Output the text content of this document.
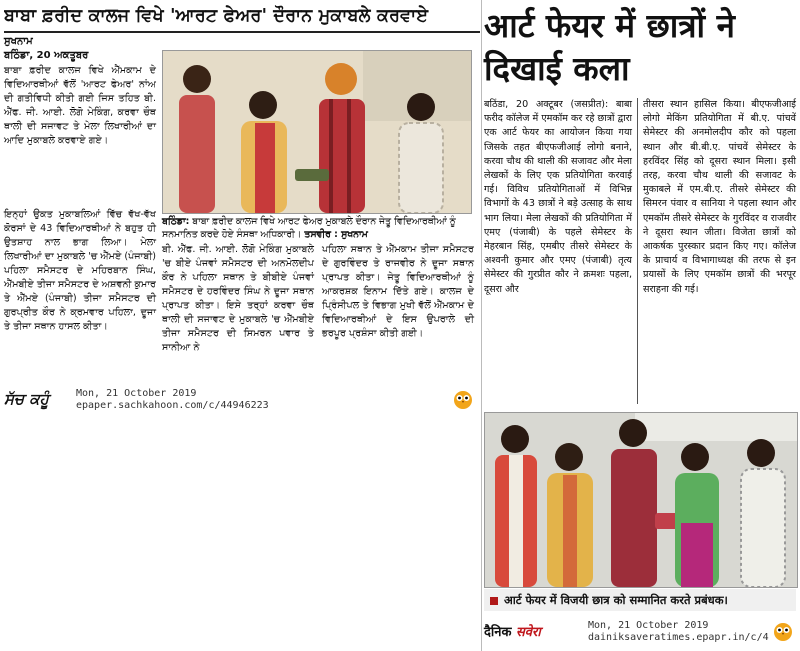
ਬਾਬਾ ਫ਼ਰੀਦ ਕਾਲਜ ਵਿਖੇ 'ਆਰਟ ਫੇਅਰ' ਦੌਰਾਨ ਮੁਕਾਬਲੇ ਕਰਵਾਏ
ਸੁਖਨਾਮ
ਬਠਿੰਡਾ, 20 ਅਕਤੂਬਰ

ਬਾਬਾ ਫ਼ਰੀਦ ਕਾਲਜ ਵਿਖੇ ਐੱਮਕਾਮ ਦੇ ਵਿਦਿਆਰਥੀਆਂ ਵੱਲੋਂ 'ਆਰਟ ਫੇਅਰ' ਨਾਂਅ ਦੀ ਗਤੀਵਿਧੀ ਕੀਤੀ ਗਈ ਜਿਸ ਤਹਿਤ ਬੀ. ਐੱਫ. ਜੀ. ਆਈ. ਲੋਗੋ ਮੇਕਿੰਗ, ਕਰਵਾ ਚੌਥ ਥਾਲੀ ਦੀ ਸਜਾਵਟ ਤੇ ਮੇਲਾ ਲਿਖਾਰੀਆਂ ਦਾ ਆਦਿ ਮੁਕਾਬਲੇ ਕਰਵਾਏ ਗਏ।

ਇਨ੍ਹਾਂ ਉਕਤ ਮੁਕਾਬਲਿਆਂ ਵਿੱਚ ਵੱਖ-ਵੱਖ ਕੋਰਸਾਂ ਦੇ 43 ਵਿਦਿਆਰਥੀਆਂ ਨੇ ਬਹੁਤ ਹੀ ਉਤਸ਼ਾਹ ਨਾਲ ਭਾਗ ਲਿਆ। ਮੇਲਾ ਲਿਖਾਰੀਆਂ ਦਾ ਮੁਕਾਬਲੇ 'ਚ ਐੱਮਏ (ਪੰਜਾਬੀ) ਪਹਿਲਾ ਸਮੈਸਟਰ ਦੇ ਮਹਿਰਬਾਨ ਸਿੰਘ, ਐੱਮਬੀਏ ਤੀਜਾ ਸਮੈਸਟਰ ਦੇ ਅਸ਼ਵਨੀ ਕੁਮਾਰ ਤੇ ਐੱਮਏ (ਪੰਜਾਬੀ) ਤੀਜਾ ਸਮੈਸਟਰ ਦੀ ਗੁਰਪ੍ਰੀਤ ਕੌਰ ਨੇ ਕ੍ਰਮਵਾਰ ਪਹਿਲਾ, ਦੂਜਾ ਤੇ ਤੀਜਾ ਸਥਾਨ ਹਾਸਲ ਕੀਤਾ।
ਬਠਿੰਡਾ: ਬਾਬਾ ਫ਼ਰੀਦ ਕਾਲਜ ਵਿਖੇ ਆਰਟ ਫੇਅਰ ਮੁਕਾਬਲੇ ਦੌਰਾਨ ਜੇਤੂ ਵਿਦਿਆਰਥੀਆਂ ਨੂੰ ਸਨਮਾਨਿਤ ਕਰਦੇ ਹੋਏ ਸੰਸਥਾ ਅਧਿਕਾਰੀ। ਤਸਵੀਰ : ਸੁਖਨਾਮ
ਬੀ. ਐੱਫ. ਜੀ. ਆਈ. ਲੋਗੋ ਮੇਕਿੰਗ ਮੁਕਾਬਲੇ 'ਚ ਬੀਏ ਪੰਜਵਾਂ ਸਮੈਸਟਰ ਦੀ ਅਨਮੋਲਦੀਪ ਕੌਰ ਨੇ ਪਹਿਲਾ ਸਥਾਨ ਤੇ ਬੀਬੀਏ ਪੰਜਵਾਂ ਸਮੈਸਟਰ ਦੇ ਹਰਵਿੰਦਰ ਸਿੰਘ ਨੇ ਦੂਜਾ ਸਥਾਨ ਪ੍ਰਾਪਤ ਕੀਤਾ। ਇਸੇ ਤਰ੍ਹਾਂ ਕਰਵਾ ਚੌਥ ਥਾਲੀ ਦੀ ਸਜਾਵਟ ਦੇ ਮੁਕਾਬਲੇ 'ਚ ਐੱਮਬੀਏ ਤੀਜਾ ਸਮੈਸਟਰ ਦੀ ਸਿਮਰਨ ਪਵਾਰ ਤੇ ਸਾਨੀਆ ਨੇ
ਪਹਿਲਾ ਸਥਾਨ ਤੇ ਐੱਮਕਾਮ ਤੀਜਾ ਸਮੈਸਟਰ ਦੇ ਗੁਰਵਿੰਦਰ ਤੇ ਰਾਜਵੀਰ ਨੇ ਦੂਜਾ ਸਥਾਨ ਪ੍ਰਾਪਤ ਕੀਤਾ। ਜੇਤੂ ਵਿਦਿਆਰਥੀਆਂ ਨੂੰ ਆਕਰਸ਼ਕ ਇਨਾਮ ਦਿੱਤੇ ਗਏ। ਕਾਲਜ ਦੇ ਪ੍ਰਿੰਸੀਪਲ ਤੇ ਵਿਭਾਗ ਮੁਖੀ ਵੱਲੋਂ ਐੱਮਕਾਮ ਦੇ ਵਿਦਿਆਰਥੀਆਂ ਦੇ ਇਸ ਉਪਰਾਲੇ ਦੀ ਭਰਪੂਰ ਪ੍ਰਸ਼ੰਸਾ ਕੀਤੀ ਗਈ।
ਸੱਚ ਕਹੂੰ	Mon, 21 October 2019
epaper.sachkahoon.com/c/44946223
आर्ट फेयर में छात्रों ने दिखाई कला
बठिंडा, 20 अक्टूबर (जसप्रीत): बाबा फरीद कॉलेज में एमकॉम कर रहे छात्रों द्वारा एक आर्ट फेयर का आयोजन किया गया जिसके तहत बीएफजीआई लोगो बनाने, करवा चौथ की थाली की सजावट और मेला लेखकों के लिए एक प्रतियोगिता करवाई गई। विविध प्रतियोगिताओं में विभिन्न विभागों के 43 छात्रों ने बड़े उत्साह के साथ भाग लिया। मेला लेखकों की प्रतियोगिता में एमए (पंजाबी) के पहले सेमेस्टर के मेहरबान सिंह, एमबीए तीसरे सेमेस्टर के अश्वनी कुमार और एमए (पंजाबी) तृत्य सेमेस्टर की गुरप्रीत कौर ने क्रमशः पहला, दूसरा और
तीसरा स्थान हासिल किया। बीएफजीआई लोगो मेकिंग प्रतियोगिता में बी.ए. पांचवें सेमेस्टर की अनमोलदीप कौर को पहला स्थान और बी.बी.ए. पांचवें सेमेस्टर के हरविंदर सिंह को दूसरा स्थान मिला। इसी तरह, करवा चौथ थाली की सजावट के मुकाबले में एम.बी.ए. तीसरे सेमेस्टर की सिमरन पंवार व सानिया ने पहला स्थान और एमकॉम तीसरे सेमेस्टर के गुरविंदर व राजवीर ने दूसरा स्थान जीता। विजेता छात्रों को आकर्षक पुरस्कार प्रदान किए गए। कॉलेज के प्राचार्य व विभागाध्यक्ष की तरफ से इन प्रयासों के लिए एमकॉम छात्रों की भरपूर सराहना की गई।
आर्ट फेयर में विजयी छात्र को सम्मानित करते प्रबंधक।
दैनिक सवेरा	Mon, 21 October 2019
dainiksaveratimes.epapr.in/c/4
